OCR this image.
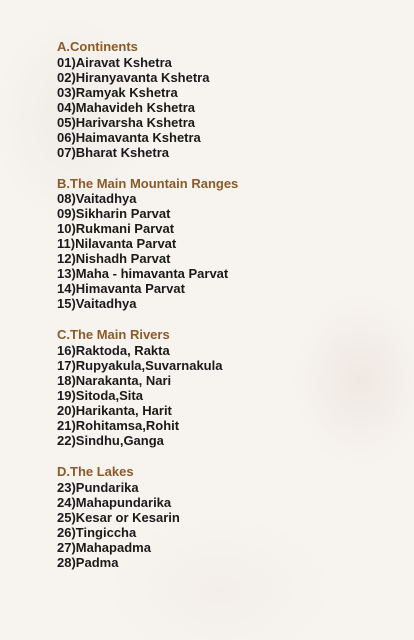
A.Continents
01)Airavat Kshetra
02)Hiranyavanta Kshetra
03)Ramyak Kshetra
04)Mahavideh Kshetra
05)Harivarsha Kshetra
06)Haimavanta Kshetra
07)Bharat Kshetra
B.The Main Mountain Ranges
08)Vaitadhya
09)Sikharin Parvat
10)Rukmani Parvat
11)Nilavanta Parvat
12)Nishadh Parvat
13)Maha - himavanta Parvat
14)Himavanta Parvat
15)Vaitadhya
C.The Main Rivers
16)Raktoda, Rakta
17)Rupyakula,Suvarnakula
18)Narakanta, Nari
19)Sitoda,Sita
20)Harikanta, Harit
21)Rohitamsa,Rohit
22)Sindhu,Ganga
D.The Lakes
23)Pundarika
24)Mahapundarika
25)Kesar or Kesarin
26)Tingiccha
27)Mahapadma
28)Padma
